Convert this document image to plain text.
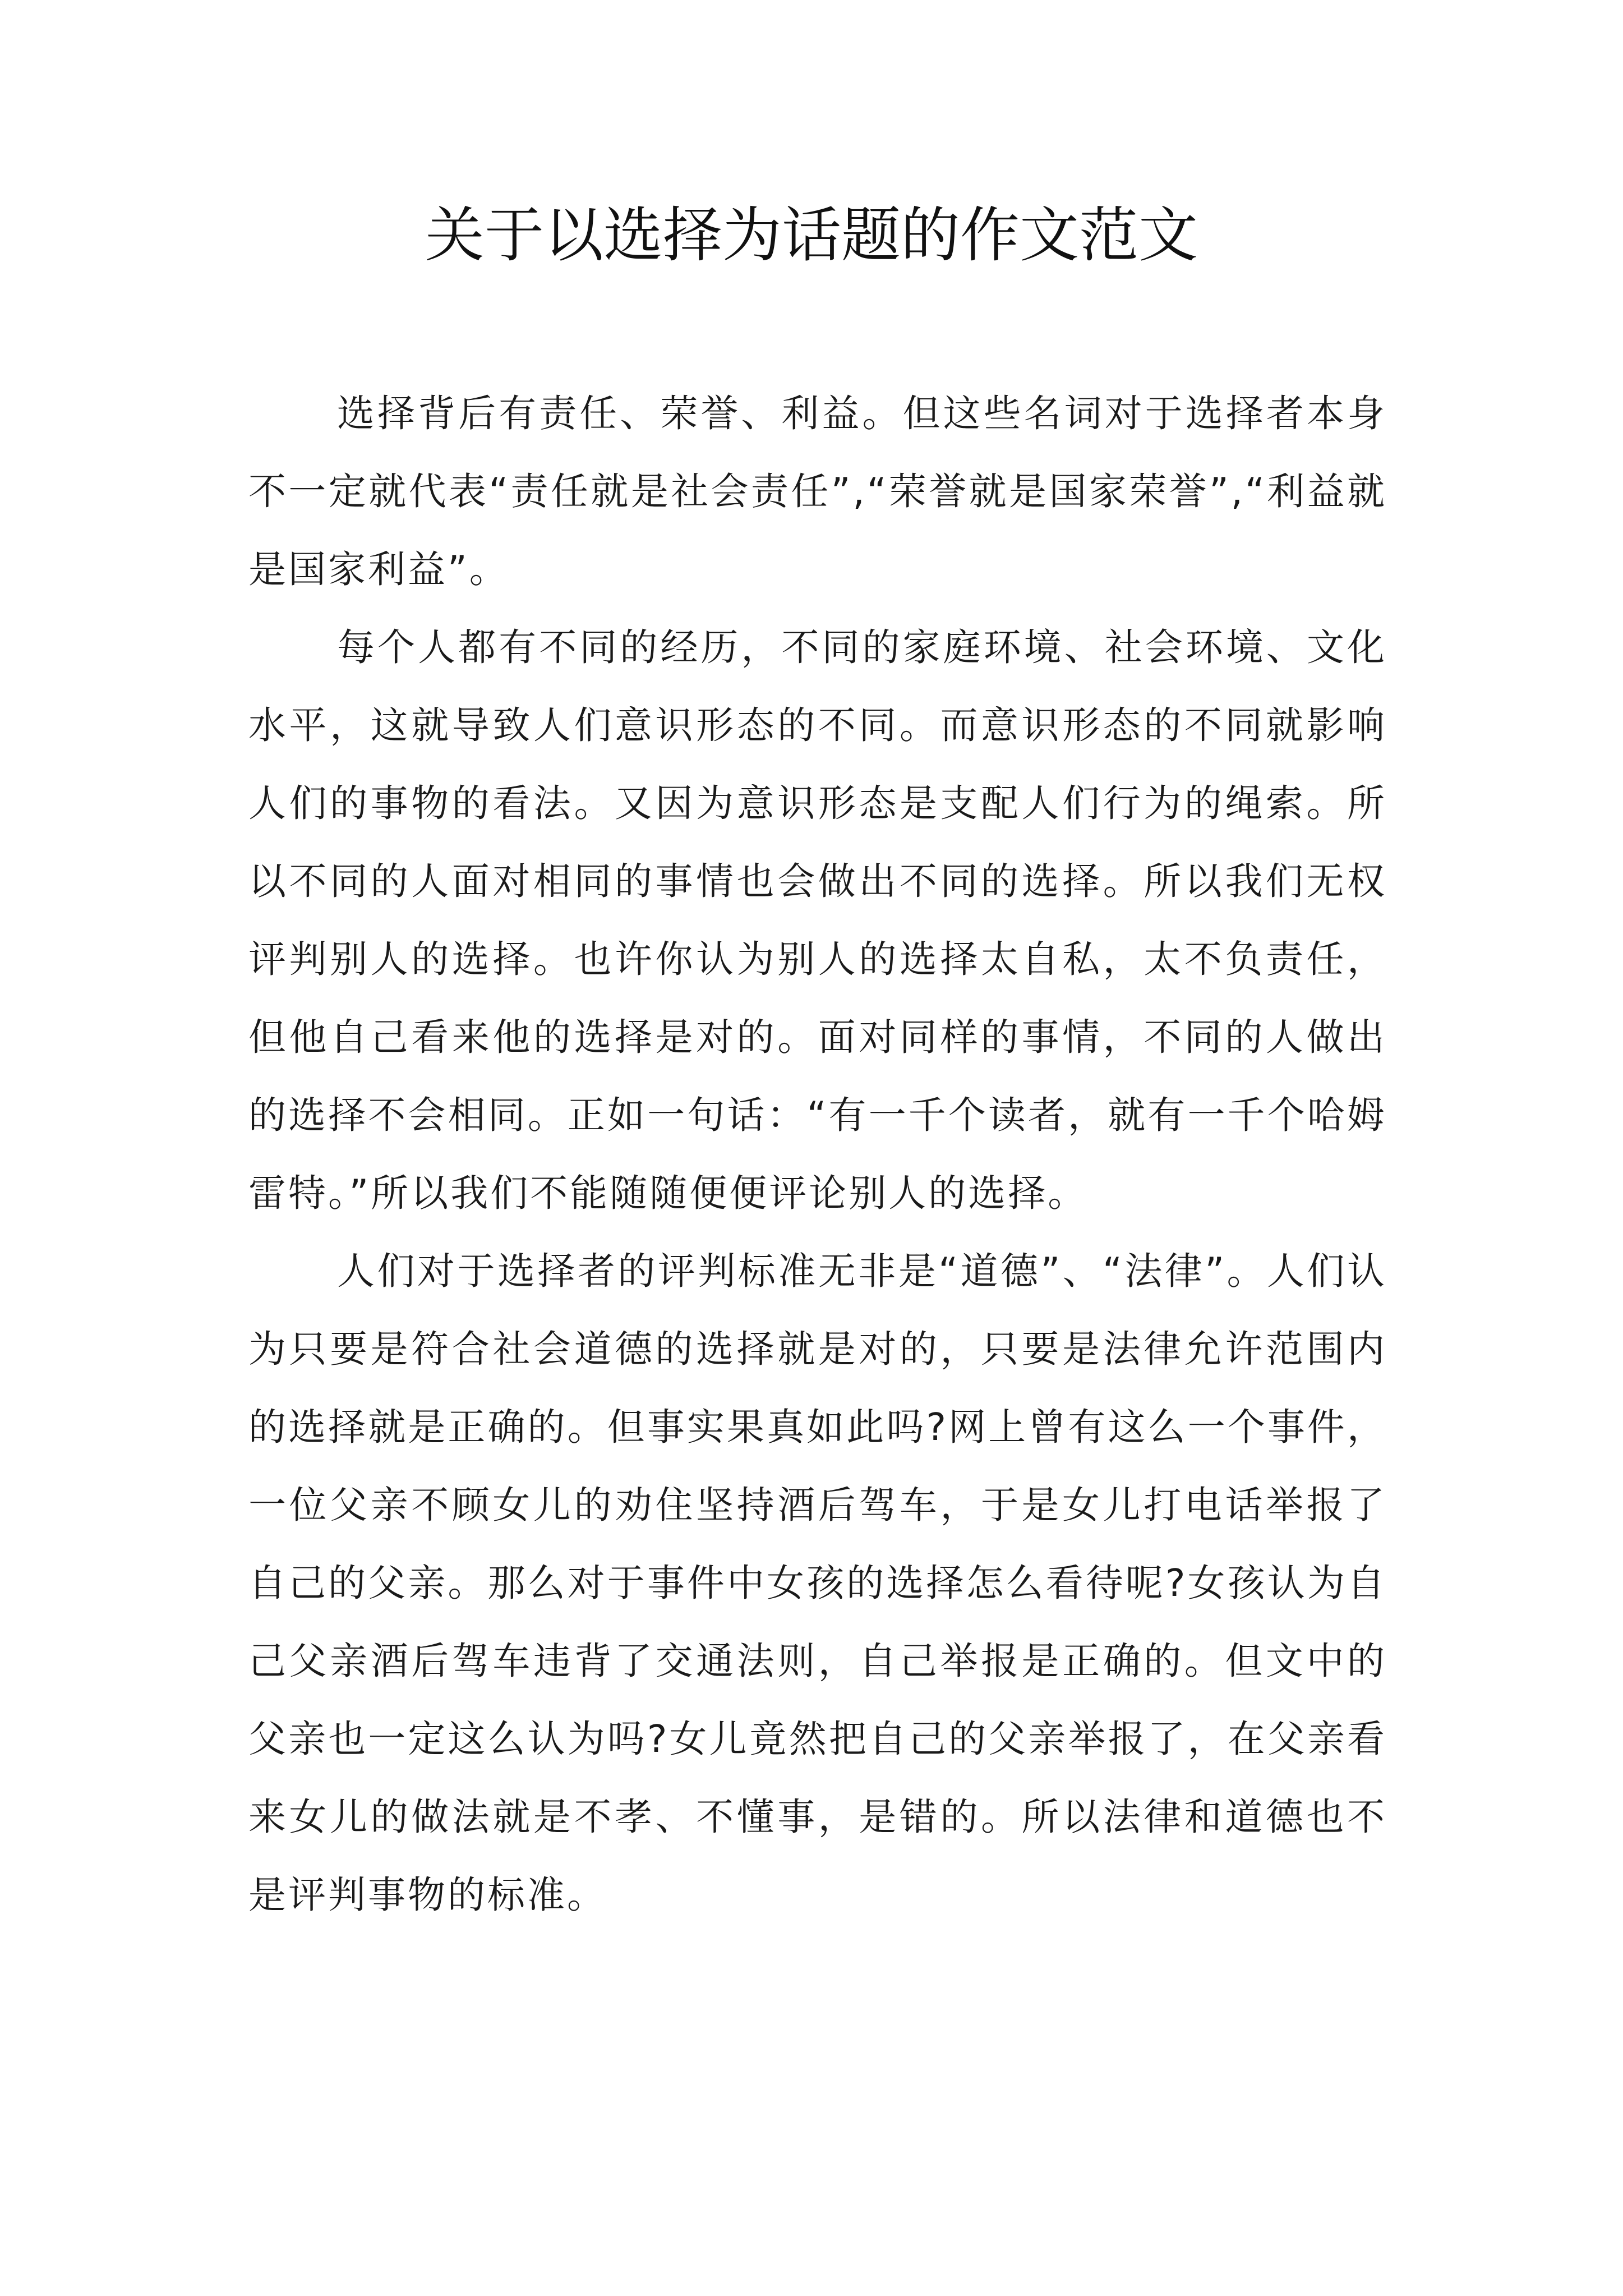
关于以选择为话题的作文范文

选择背后有责任、荣誉、利益。但这些名词对于选择者本身不一定就代表“责任就是社会责任”,“荣誉就是国家荣誉”,“利益就是国家利益”。

每个人都有不同的经历，不同的家庭环境、社会环境、文化水平，这就导致人们意识形态的不同。而意识形态的不同就影响人们的事物的看法。又因为意识形态是支配人们行为的绳索。所以不同的人面对相同的事情也会做出不同的选择。所以我们无权评判别人的选择。也许你认为别人的选择太自私，太不负责任，但他自己看来他的选择是对的。面对同样的事情，不同的人做出的选择不会相同。正如一句话：“有一千个读者，就有一千个哈姆雷特。”所以我们不能随随便便评论别人的选择。

人们对于选择者的评判标准无非是“道德”、“法律”。人们认为只要是符合社会道德的选择就是对的，只要是法律允许范围内的选择就是正确的。但事实果真如此吗?网上曾有这么一个事件，一位父亲不顾女儿的劝住坚持酒后驾车，于是女儿打电话举报了自己的父亲。那么对于事件中女孩的选择怎么看待呢?女孩认为自己父亲酒后驾车违背了交通法则，自己举报是正确的。但文中的父亲也一定这么认为吗?女儿竟然把自己的父亲举报了，在父亲看来女儿的做法就是不孝、不懂事，是错的。所以法律和道德也不是评判事物的标准。
